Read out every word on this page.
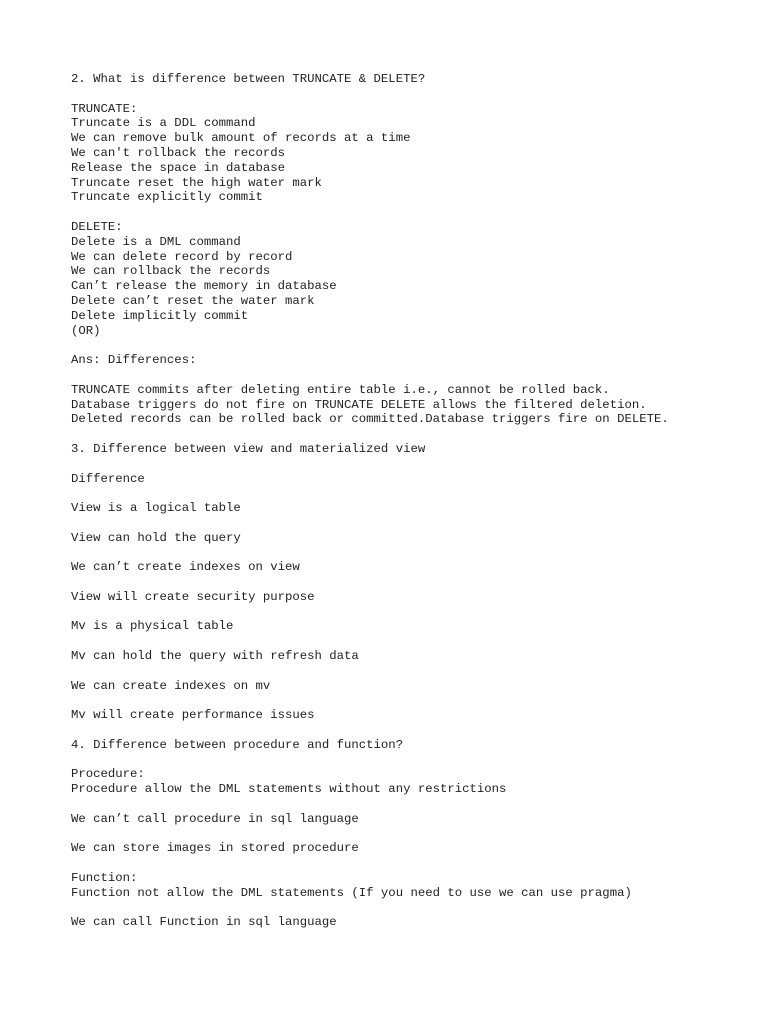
2. What is difference between TRUNCATE & DELETE?
TRUNCATE:
Truncate is a DDL command
We can remove bulk amount of records at a time
We can't rollback the records
Release the space in database
Truncate reset the high water mark
Truncate explicitly commit
DELETE:
Delete is a DML command
We can delete record by record
We can rollback the records
Can’t release the memory in database
Delete can’t reset the water mark
Delete implicitly commit
(OR)
Ans: Differences:
TRUNCATE commits after deleting entire table i.e., cannot be rolled back.
Database triggers do not fire on TRUNCATE DELETE allows the filtered deletion.
Deleted records can be rolled back or committed.Database triggers fire on DELETE.
3. Difference between view and materialized view
Difference
View is a logical table
View can hold the query
We can’t create indexes on view
View will create security purpose
Mv is a physical table
Mv can hold the query with refresh data
We can create indexes on mv
Mv will create performance issues
4. Difference between procedure and function?
Procedure:
Procedure allow the DML statements without any restrictions
We can’t call procedure in sql language
We can store images in stored procedure
Function:
Function not allow the DML statements (If you need to use we can use pragma)
We can call Function in sql language
